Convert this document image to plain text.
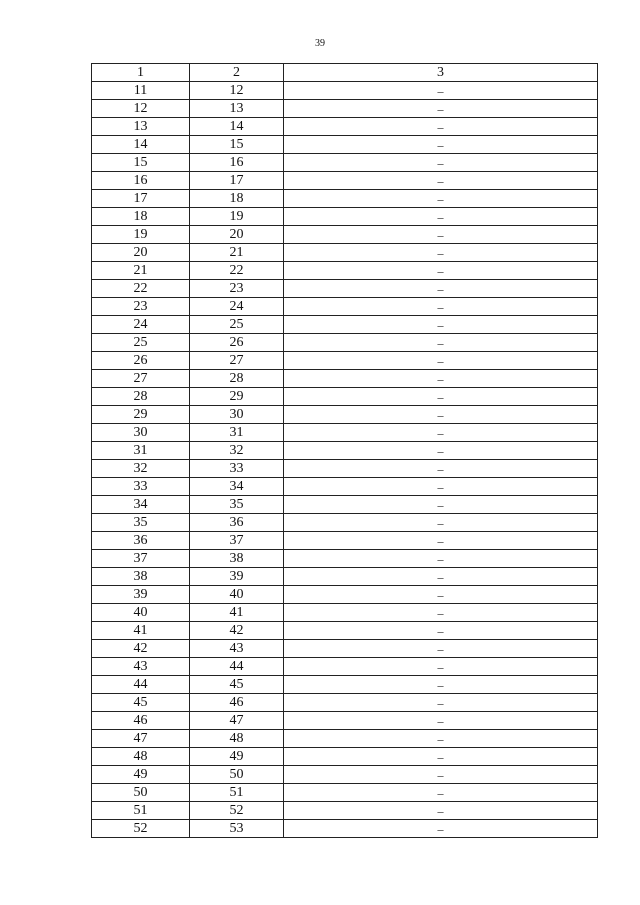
39
1	2	3
11	12	–
12	13	–
13	14	–
14	15	–
15	16	–
16	17	–
17	18	–
18	19	–
19	20	–
20	21	–
21	22	–
22	23	–
23	24	–
24	25	–
25	26	–
26	27	–
27	28	–
28	29	–
29	30	–
30	31	–
31	32	–
32	33	–
33	34	–
34	35	–
35	36	–
36	37	–
37	38	–
38	39	–
39	40	–
40	41	–
41	42	–
42	43	–
43	44	–
44	45	–
45	46	–
46	47	–
47	48	–
48	49	–
49	50	–
50	51	–
51	52	–
52	53	–
